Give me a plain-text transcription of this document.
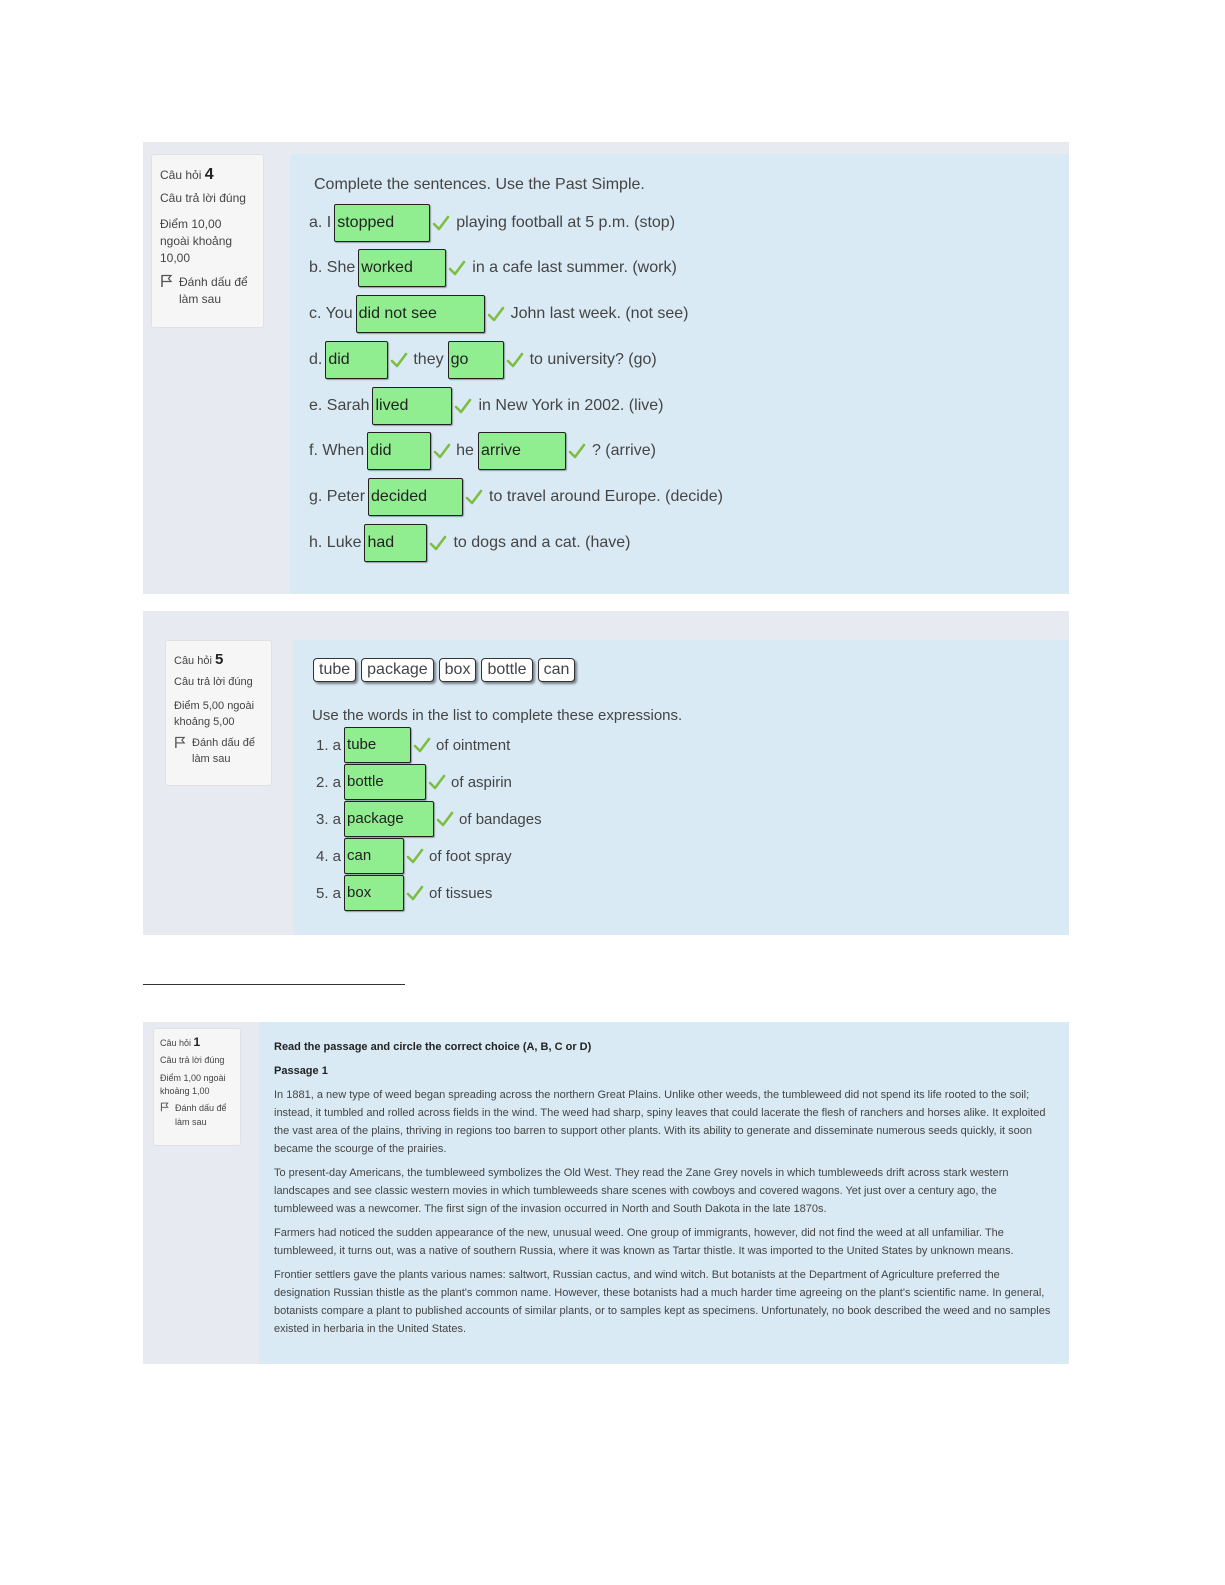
Câu hỏi 4
Câu trả lời đúng
Điểm 10,00 ngoài khoảng 10,00
Đánh dấu để làm sau
Complete the sentences. Use the Past Simple.
a. I stopped	playing football at 5 p.m. (stop)
b. She worked	in a cafe last summer. (work)
c. You did not see	John last week. (not see)
d. did	they go	to university? (go)
e. Sarah lived	in New York in 2002. (live)
f. When did	he arrive	? (arrive)
g. Peter decided	to travel around Europe. (decide)
h. Luke had	to dogs and a cat. (have)
Câu hỏi 5
Câu trả lời đúng
Điểm 5,00 ngoài khoảng 5,00
Đánh dấu để làm sau
tube	package	box	bottle	can
Use the words in the list to complete these expressions.
1. a tube	of ointment
2. a bottle	of aspirin
3. a package	of bandages
4. a can	of foot spray
5. a box	of tissues
Câu hỏi 1
Câu trả lời đúng
Điểm 1,00 ngoài khoảng 1,00
Đánh dấu để làm sau

Read the passage and circle the correct choice (A, B, C or D)

Passage 1

In 1881, a new type of weed began spreading across the northern Great Plains. Unlike other weeds, the tumbleweed did not spend its life rooted to the soil; instead, it tumbled and rolled across fields in the wind. The weed had sharp, spiny leaves that could lacerate the flesh of ranchers and horses alike. It exploited the vast area of the plains, thriving in regions too barren to support other plants. With its ability to generate and disseminate numerous seeds quickly, it soon became the scourge of the prairies.

To present-day Americans, the tumbleweed symbolizes the Old West. They read the Zane Grey novels in which tumbleweeds drift across stark western landscapes and see classic western movies in which tumbleweeds share scenes with cowboys and covered wagons. Yet just over a century ago, the tumbleweed was a newcomer. The first sign of the invasion occurred in North and South Dakota in the late 1870s.

Farmers had noticed the sudden appearance of the new, unusual weed. One group of immigrants, however, did not find the weed at all unfamiliar. The tumbleweed, it turns out, was a native of southern Russia, where it was known as Tartar thistle. It was imported to the United States by unknown means.

Frontier settlers gave the plants various names: saltwort, Russian cactus, and wind witch. But botanists at the Department of Agriculture preferred the designation Russian thistle as the plant's common name. However, these botanists had a much harder time agreeing on the plant's scientific name. In general, botanists compare a plant to published accounts of similar plants, or to samples kept as specimens. Unfortunately, no book described the weed and no samples existed in herbaria in the United States.
